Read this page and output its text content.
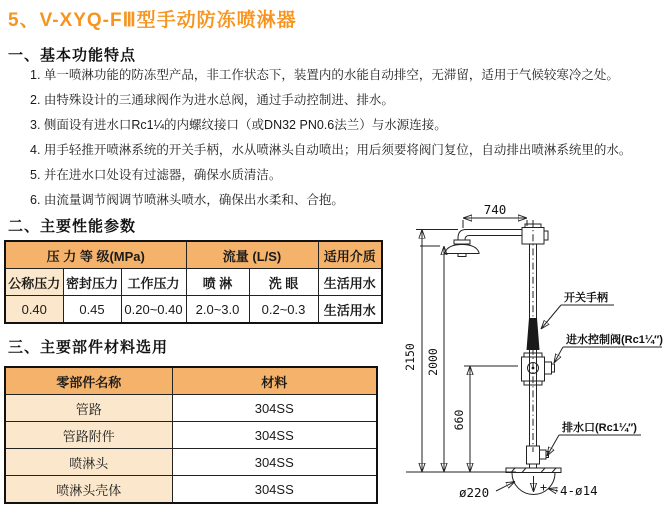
5、V-XYQ-FⅢ型手动防冻喷淋器
一、基本功能特点
1. 单一喷淋功能的防冻型产品，非工作状态下，装置内的水能自动排空，无滞留，适用于气候较寒冷之处。
2. 由特殊设计的三通球阀作为进水总阀，通过手动控制进、排水。
3. 侧面设有进水口Rc1¼的内螺纹接口（或DN32 PN0.6法兰）与水源连接。
4. 用手轻推开喷淋系统的开关手柄，水从喷淋头自动喷出；用后须要将阀门复位，自动排出喷淋系统里的水。
5. 并在进水口处设有过滤器，确保水质清洁。
6. 由流量调节阀调节喷淋头喷水，确保出水柔和、合抱。
二、主要性能参数
压 力 等 级(MPa)			流量 (L/S)		适用介质
公称压力	密封压力	工作压力	喷 淋	洗 眼	生活用水
0.40	0.45	0.20~0.40	2.0~3.0	0.2~0.3	生活用水
三、主要部件材料选用
零部件名称	材料
管路	304SS
管路附件	304SS
喷淋头	304SS
喷淋头壳体	304SS
740
2150 2000
660
ø220	4-ø14
开关手柄
进水控制阀(Rc1¼″)
排水口(Rc1¼″)
